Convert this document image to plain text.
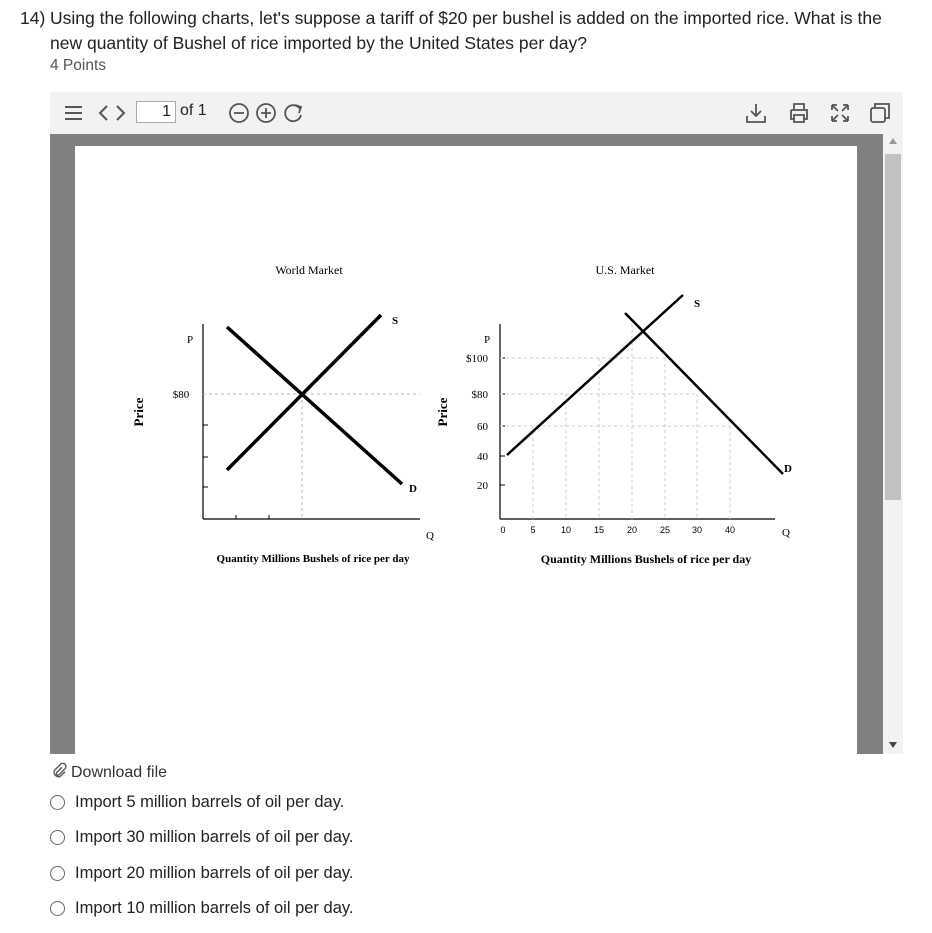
14) Using the following charts, let's suppose a tariff of $20 per bushel is added on the imported rice. What is the new quantity of Bushel of rice imported by the United States per day?
4 Points
1 of 1
World Market
Price
P
Q
$80
Quantity Millions Bushels of rice per day
S
D
U.S. Market
Price
P
Q
Quantity Millions Bushels of rice per day
$100
$80
60
40
20
0	5	10	15	20	25 30	40
S
D
Download file
Import 5 million barrels of oil per day.
Import 30 million barrels of oil per day.
Import 20 million barrels of oil per day.
Import 10 million barrels of oil per day.
